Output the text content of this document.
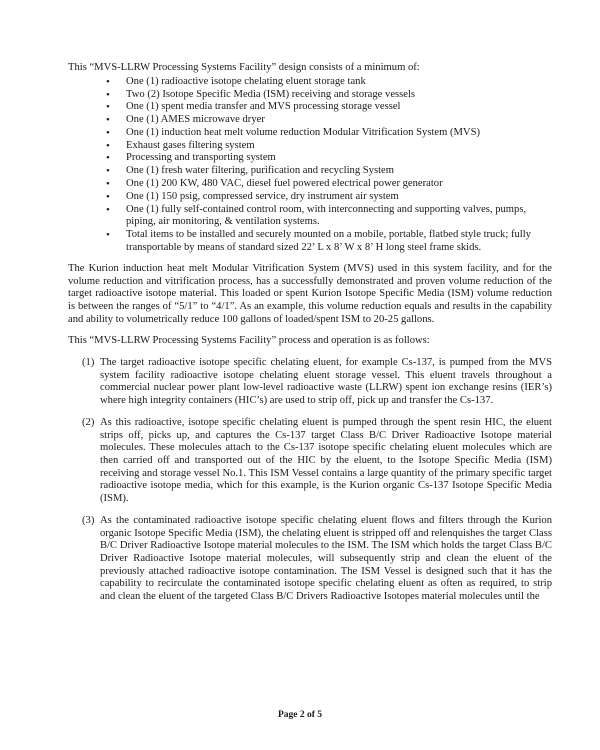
This “MVS-LLRW Processing Systems Facility” design consists of a minimum of:

• One (1) radioactive isotope chelating eluent storage tank
• Two (2) Isotope Specific Media (ISM) receiving and storage vessels
• One (1) spent media transfer and MVS processing storage vessel
• One (1) AMES microwave dryer
• One (1) induction heat melt volume reduction Modular Vitrification System (MVS)
• Exhaust gases filtering system
• Processing and transporting system
• One (1) fresh water filtering, purification and recycling System
• One (1) 200 KW, 480 VAC, diesel fuel powered electrical power generator
• One (1) 150 psig, compressed service, dry instrument air system
• One (1) fully self-contained control room, with interconnecting and supporting valves, pumps, piping, air monitoring, & ventilation systems.
• Total items to be installed and securely mounted on a mobile, portable, flatbed style truck; fully transportable by means of standard sized 22’ L x 8’ W x 8’ H long steel frame skids.

The Kurion induction heat melt Modular Vitrification System (MVS) used in this system facility, and for the volume reduction and vitrification process, has a successfully demonstrated and proven volume reduction of the target radioactive isotope material. This loaded or spent Kurion Isotope Specific Media (ISM) volume reduction is between the ranges of “5/1” to “4/1”. As an example, this volume reduction equals and results in the capability and ability to volumetrically reduce 100 gallons of loaded/spent ISM to 20-25 gallons.

This “MVS-LLRW Processing Systems Facility” process and operation is as follows:

(1) The target radioactive isotope specific chelating eluent, for example Cs-137, is pumped from the MVS system facility radioactive isotope chelating eluent storage vessel. This eluent travels throughout a commercial nuclear power plant low-level radioactive waste (LLRW) spent ion exchange resins (IER’s) where high integrity containers (HIC’s) are used to strip off, pick up and transfer the Cs-137.
(2) As this radioactive, isotope specific chelating eluent is pumped through the spent resin HIC, the eluent strips off, picks up, and captures the Cs-137 target Class B/C Driver Radioactive Isotope material molecules. These molecules attach to the Cs-137 isotope specific chelating eluent molecules which are then carried off and transported out of the HIC by the eluent, to the Isotope Specific Media (ISM) receiving and storage vessel No.1. This ISM Vessel contains a large quantity of the primary specific target radioactive isotope media, which for this example, is the Kurion organic Cs-137 Isotope Specific Media (ISM).
(3) As the contaminated radioactive isotope specific chelating eluent flows and filters through the Kurion organic Isotope Specific Media (ISM), the chelating eluent is stripped off and relenquishes the target Class B/C Driver Radioactive Isotope material molecules to the ISM. The ISM which holds the target Class B/C Driver Radioactive Isotope material molecules, will subsequently strip and clean the eluent of the previously attached radioactive isotope contamination. The ISM Vessel is designed such that it has the capability to recirculate the contaminated isotope specific chelating eluent as often as required, to strip and clean the eluent of the targeted Class B/C Drivers Radioactive Isotopes material molecules until the
Page 2 of 5
